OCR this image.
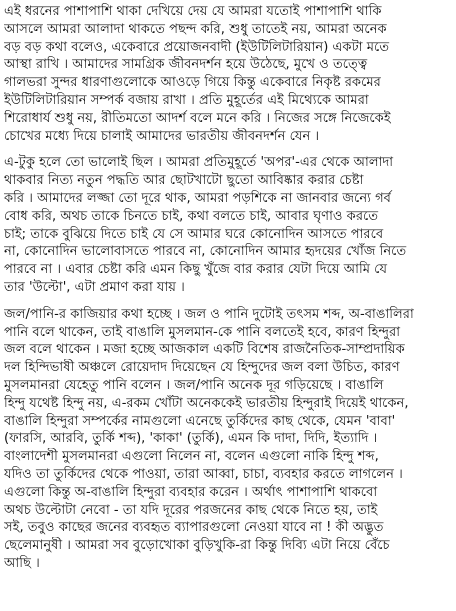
এই ধরনের পাশাপাশি থাকা দেখিয়ে দেয় যে আমরা যতোই পাশাপাশি থাকি
আসলে আমরা আলাদা থাকতে পছন্দ করি, শুধু তাতেই নয়, আমরা অনেক
বড় বড় কথা বলেও, একেবারে প্রয়োজনবাদী (ইউটিলিটারিয়ান) একটা মতে
আস্থা রাখি । আমাদের সামগ্রিক জীবনদর্শন হয়ে উঠেছে, মুখে ও তত্ত্বে
গালভরা সুন্দর ধারণাগুলোকে আওড়ে গিয়ে কিন্তু একেবারে নিকৃষ্ট রকমের
ইউটিলিটারিয়ান সম্পর্ক বজায় রাখা । প্রতি মুহূর্তের এই মিথ্যেকে আমরা
শিরোধার্য শুধু নয়, রীতিমতো আদর্শ বলে মনে করি । নিজের সঙ্গে নিজেকেই
চোখের মধ্যে দিয়ে চালাই আমাদের ভারতীয় জীবনদর্শন যেন ।
এ-টুকু হলে তো ভালোই ছিল । আমরা প্রতিমুহূর্তে 'অপর'-এর থেকে আলাদা
থাকবার নিত্য নতুন পদ্ধতি আর ছোটখাটো ছুতো আবিষ্কার করার চেষ্টা
করি । আমাদের লজ্জা তো দূরে থাক, আমরা পড়শিকে না জানবার জন্যে গর্ব
বোধ করি, অথচ তাকে চিনতে চাই, কথা বলতে চাই, আবার ঘৃণাও করতে
চাই; তাকে বুঝিয়ে দিতে চাই যে সে আমার ঘরে কোনোদিন আসতে পারবে
না, কোনোদিন ভালোবাসতে পারবে না, কোনোদিন আমার হৃদয়ের খোঁজ নিতে
পারবে না । এবার চেষ্টা করি এমন কিছু খুঁজে বার করার যেটা দিয়ে আমি যে
তার 'উল্টো', এটা প্রমাণ করা যায় ।
জল/পানি-র কাজিয়ার কথা হচ্ছে । জল ও পানি দুটোই তৎসম শব্দ, অ-বাঙালিরা
পানি বলে থাকেন, তাই বাঙালি মুসলমান-কে পানি বলতেই হবে, কারণ হিন্দুরা
জল বলে থাকেন । মজা হচ্ছে আজকাল একটি বিশেষ রাজনৈতিক-সাম্প্রদায়িক
দল হিন্দিভাষী অঞ্চলে রোয়েদাদ দিয়েছেন যে হিন্দুদের জল বলা উচিত, কারণ
মুসলমানরা যেহেতু পানি বলেন । জল/পানি অনেক দূর গড়িয়েছে । বাঙালি
হিন্দু যথেষ্ট হিন্দু নয়, এ-রকম খোঁটা অনেককেই ভারতীয় হিন্দুরাই দিয়েই থাকেন,
বাঙালি হিন্দুরা সম্পর্কের নামগুলো এনেছে তুর্কিদের কাছ থেকে, যেমন 'বাবা'
(ফারসি, আরবি, তুর্কি শব্দ), 'কাকা' (তুর্কি), এমন কি দাদা, দিদি, ইত্যাদি ।
বাংলাদেশী মুসলমানরা এগুলো নিলেন না, বলেন এগুলো নাকি হিন্দু শব্দ,
যদিও তা তুর্কিদের থেকে পাওয়া, তারা আব্বা, চাচা, ব্যবহার করতে লাগলেন ।
এগুলো কিন্তু অ-বাঙালি হিন্দুরা ব্যবহার করেন । অর্থাৎ পাশাপাশি থাকবো
অথচ উল্টোটা নেবো - তা যদি দূরের পরজনের কাছ থেকে নিতে হয়, তাই
সই, তবুও কাছের জনের ব্যবহৃত ব্যাপারগুলো নেওয়া যাবে না ! কী অদ্ভুত
ছেলেমানুষী । আমরা সব বুড়োখোকা বুড়িখুকি-রা কিন্তু দিব্যি এটা নিয়ে বেঁচে
আছি ।
